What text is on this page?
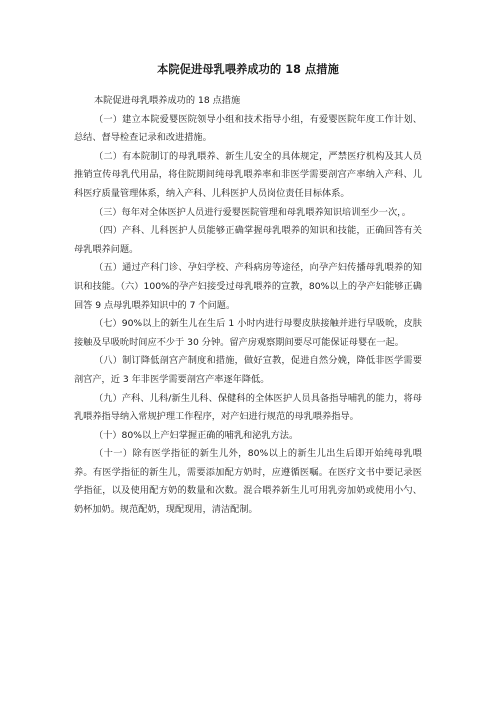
本院促进母乳喂养成功的 18 点措施

本院促进母乳喂养成功的 18 点措施

（一）建立本院爱婴医院领导小组和技术指导小组，有爱婴医院年度工作计划、总结、督导检查记录和改进措施。

（二）有本院制订的母乳喂养、新生儿安全的具体规定，严禁医疗机构及其人员推销宣传母乳代用品，将住院期间纯母乳喂养率和非医学需要剖宫产率纳入产科、儿科医疗质量管理体系，纳入产科、儿科医护人员岗位责任目标体系。

（三）每年对全体医护人员进行爱婴医院管理和母乳喂养知识培训至少一次，。

（四）产科、儿科医护人员能够正确掌握母乳喂养的知识和技能，正确回答有关母乳喂养问题。

（五）通过产科门诊、孕妇学校、产科病房等途径，向孕产妇传播母乳喂养的知识和技能。（六）100%的孕产妇接受过母乳喂养的宣教，80%以上的孕产妇能够正确回答 9 点母乳喂养知识中的 7 个问题。

（七）90%以上的新生儿在生后 1 小时内进行母婴皮肤接触并进行早吸吮，皮肤接触及早吸吮时间应不少于 30 分钟。留产房观察期间要尽可能保证母婴在一起。

（八）制订降低剖宫产制度和措施，做好宣教，促进自然分娩，降低非医学需要剖宫产，近 3 年非医学需要剖宫产率逐年降低。

（九）产科、儿科/新生儿科、保健科的全体医护人员具备指导哺乳的能力，将母乳喂养指导纳入常规护理工作程序，对产妇进行规范的母乳喂养指导。

（十）80%以上产妇掌握正确的哺乳和泌乳方法。

（十一）除有医学指征的新生儿外，80%以上的新生儿出生后即开始纯母乳喂养。有医学指征的新生儿，需要添加配方奶时，应遵循医嘱。在医疗文书中要记录医学指征，以及使用配方奶的数量和次数。混合喂养新生儿可用乳旁加奶或使用小勺、奶杯加奶。规范配奶，现配现用，清洁配制。
